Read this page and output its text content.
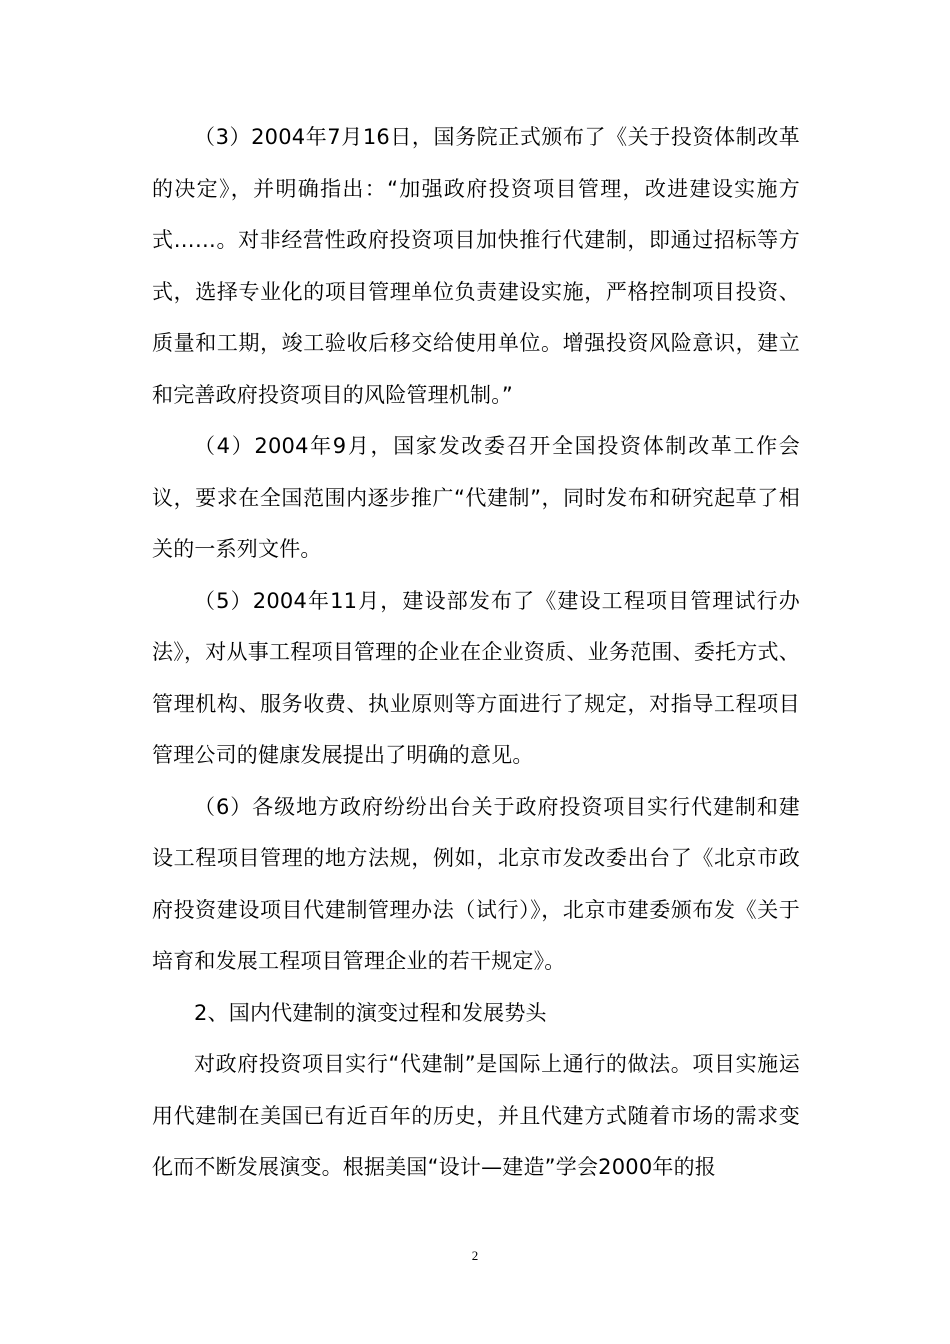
（3）2004年7月16日，国务院正式颁布了《关于投资体制改革的决定》，并明确指出：“加强政府投资项目管理，改进建设实施方式……。对非经营性政府投资项目加快推行代建制，即通过招标等方式，选择专业化的项目管理单位负责建设实施，严格控制项目投资、质量和工期，竣工验收后移交给使用单位。增强投资风险意识，建立和完善政府投资项目的风险管理机制。”

（4）2004年9月，国家发改委召开全国投资体制改革工作会议，要求在全国范围内逐步推广“代建制”，同时发布和研究起草了相关的一系列文件。

（5）2004年11月，建设部发布了《建设工程项目管理试行办法》，对从事工程项目管理的企业在企业资质、业务范围、委托方式、管理机构、服务收费、执业原则等方面进行了规定，对指导工程项目管理公司的健康发展提出了明确的意见。

（6）各级地方政府纷纷出台关于政府投资项目实行代建制和建设工程项目管理的地方法规，例如，北京市发改委出台了《北京市政府投资建设项目代建制管理办法（试行）》，北京市建委颁布发《关于培育和发展工程项目管理企业的若干规定》。

2、国内代建制的演变过程和发展势头

对政府投资项目实行“代建制”是国际上通行的做法。项目实施运用代建制在美国已有近百年的历史，并且代建方式随着市场的需求变化而不断发展演变。根据美国“设计—建造”学会2000年的报

2
